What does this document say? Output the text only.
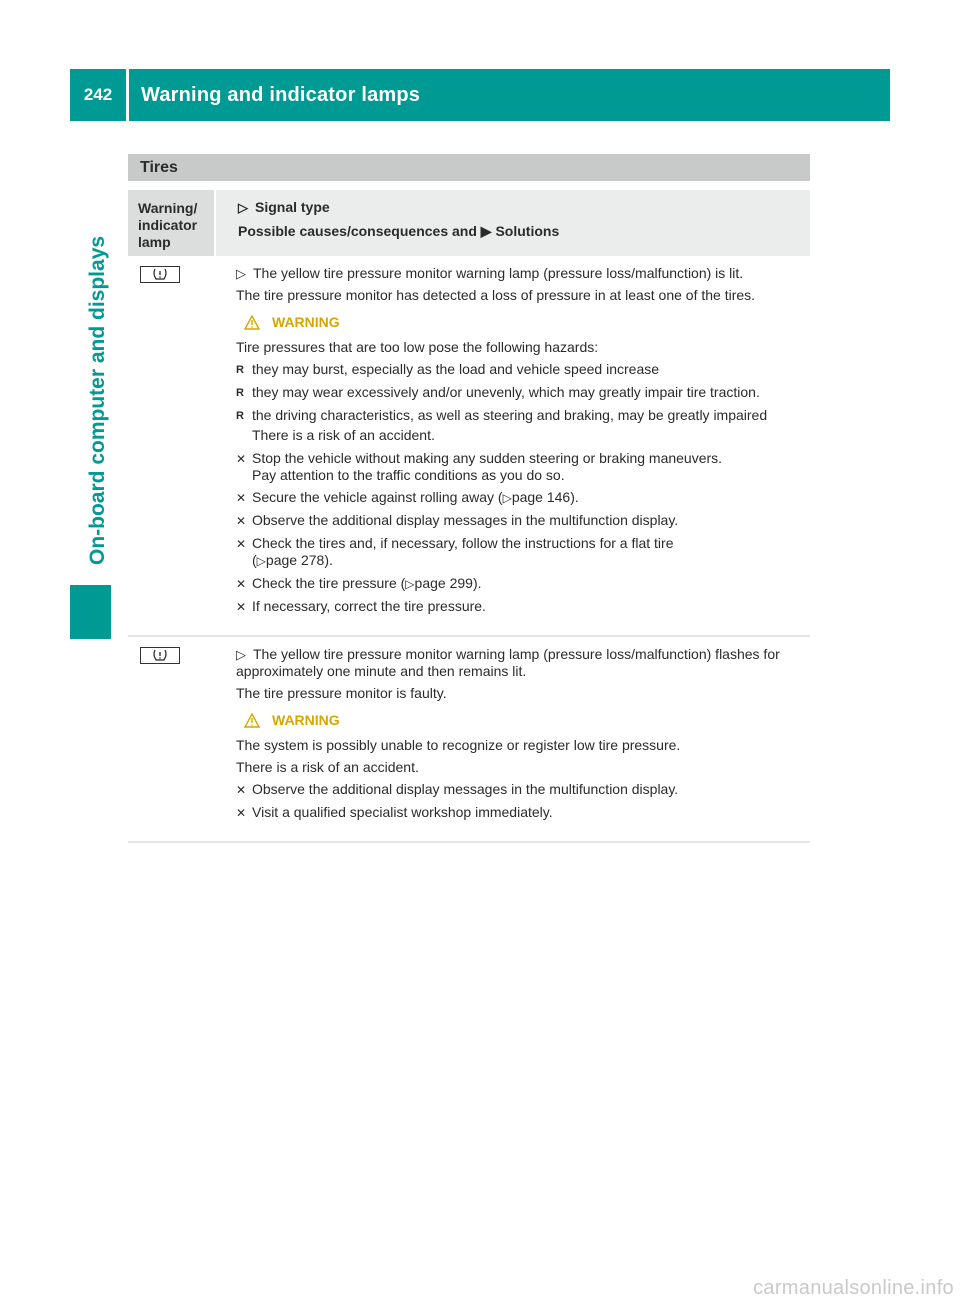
242	Warning and indicator lamps
On-board computer and displays
Tires
Warning/
indicator
lamp
▷ Signal type
Possible causes/consequences and ▶ Solutions
▷ The yellow tire pressure monitor warning lamp (pressure loss/malfunction) is lit.
The tire pressure monitor has detected a loss of pressure in at least one of the tires.
WARNING
Tire pressures that are too low pose the following hazards:
R they may burst, especially as the load and vehicle speed increase
R they may wear excessively and/or unevenly, which may greatly impair tire traction.
R the driving characteristics, as well as steering and braking, may be greatly impaired
There is a risk of an accident.
✕ Stop the vehicle without making any sudden steering or braking maneuvers.
Pay attention to the traffic conditions as you do so.
✕ Secure the vehicle against rolling away (▷page 146).
✕ Observe the additional display messages in the multifunction display.
✕ Check the tires and, if necessary, follow the instructions for a flat tire
(▷page 278).
✕ Check the tire pressure (▷page 299).
✕ If necessary, correct the tire pressure.
▷ The yellow tire pressure monitor warning lamp (pressure loss/malfunction) flashes for approximately one minute and then remains lit.
The tire pressure monitor is faulty.
WARNING
The system is possibly unable to recognize or register low tire pressure.
There is a risk of an accident.
✕ Observe the additional display messages in the multifunction display.
✕ Visit a qualified specialist workshop immediately.
carmanualsonline.info
